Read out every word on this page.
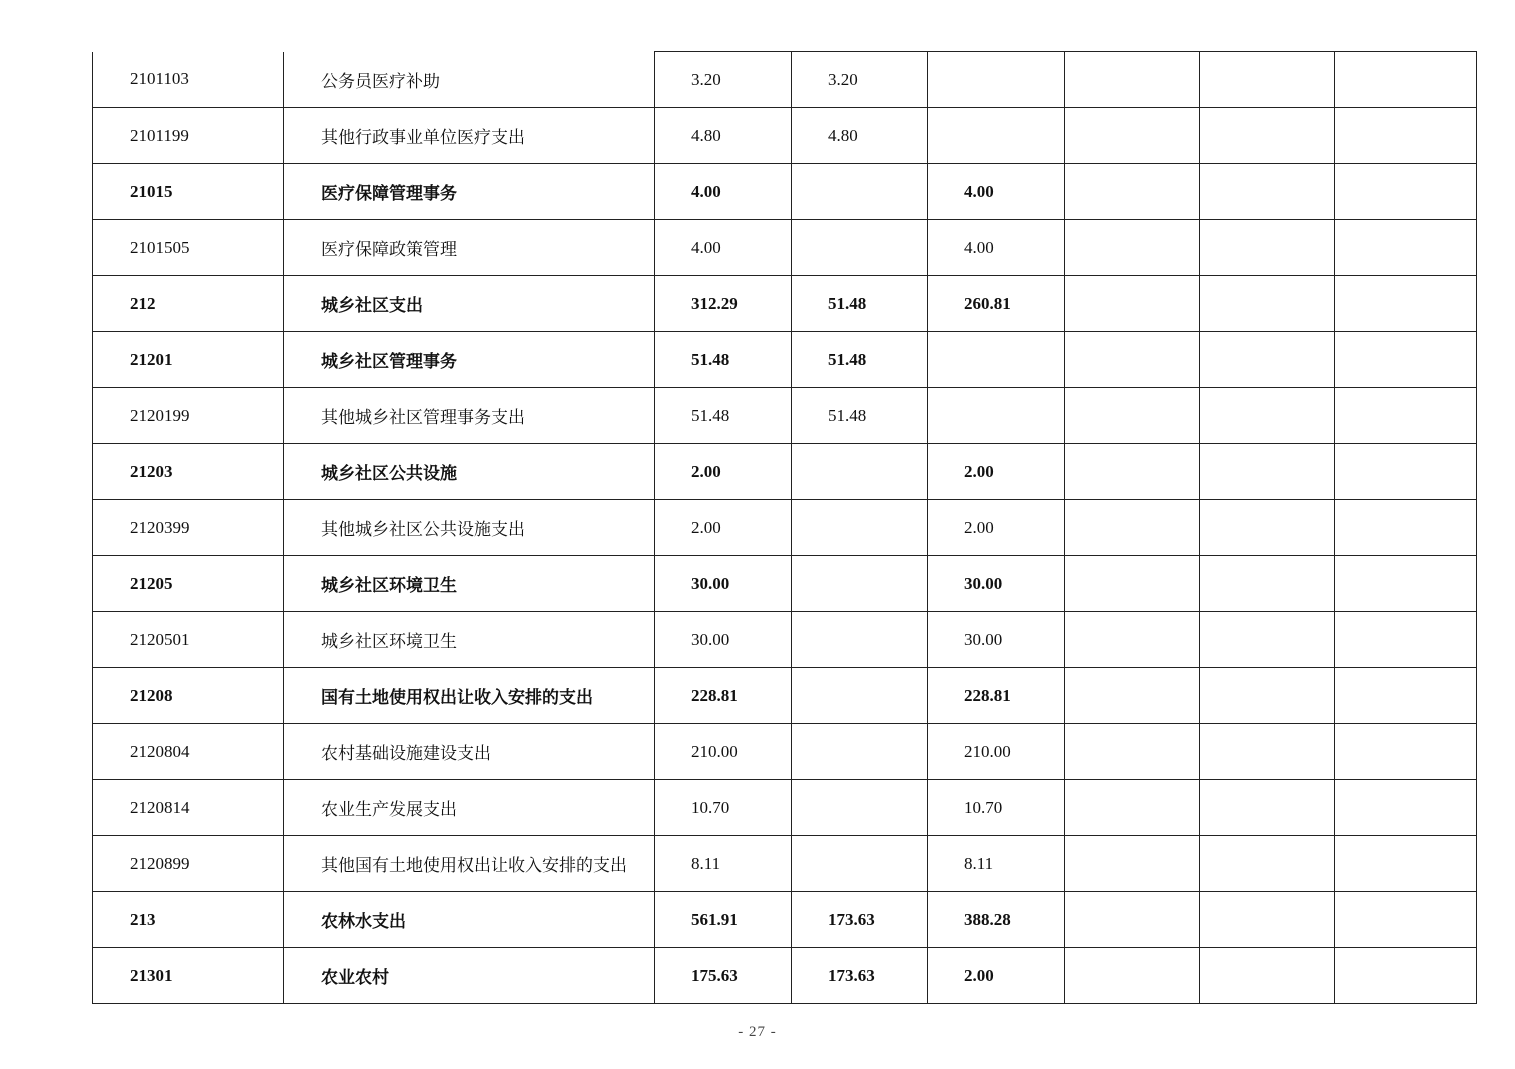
2101103	公务员医疗补助	3.20	3.20				
2101199	其他行政事业单位医疗支出	4.80	4.80				
21015	医疗保障管理事务	4.00		4.00			
2101505	医疗保障政策管理	4.00		4.00			
212	城乡社区支出	312.29	51.48	260.81			
21201	城乡社区管理事务	51.48	51.48				
2120199	其他城乡社区管理事务支出	51.48	51.48				
21203	城乡社区公共设施	2.00		2.00			
2120399	其他城乡社区公共设施支出	2.00		2.00			
21205	城乡社区环境卫生	30.00		30.00			
2120501	城乡社区环境卫生	30.00		30.00			
21208	国有土地使用权出让收入安排的支出	228.81		228.81			
2120804	农村基础设施建设支出	210.00		210.00			
2120814	农业生产发展支出	10.70		10.70			
2120899	其他国有土地使用权出让收入安排的支出	8.11		8.11			
213	农林水支出	561.91	173.63	388.28			
21301	农业农村	175.63	173.63	2.00			
- 27 -
